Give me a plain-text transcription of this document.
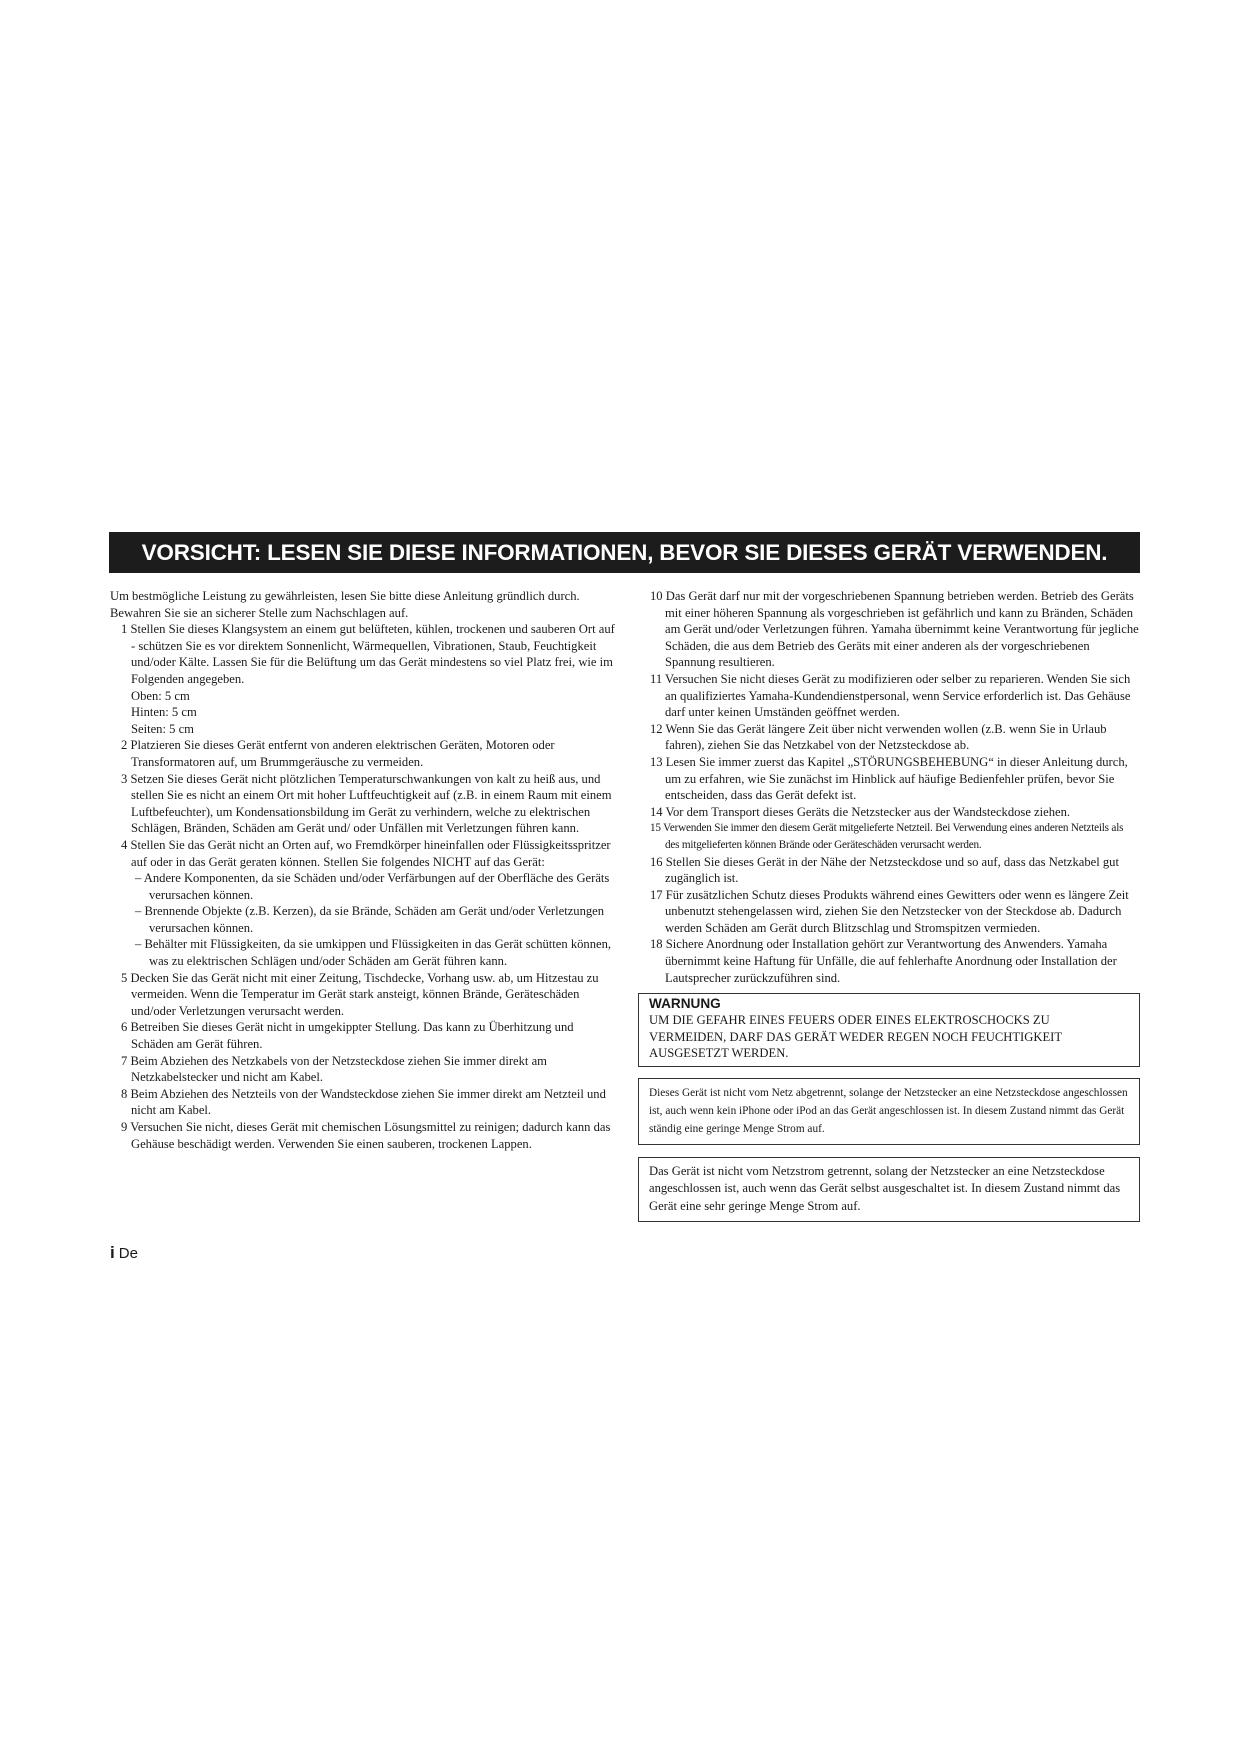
VORSICHT: LESEN SIE DIESE INFORMATIONEN, BEVOR SIE DIESES GERÄT VERWENDEN.

Um bestmögliche Leistung zu gewährleisten, lesen Sie bitte diese Anleitung gründlich durch. Bewahren Sie sie an sicherer Stelle zum Nachschlagen auf.

1 Stellen Sie dieses Klangsystem an einem gut belüfteten, kühlen, trockenen und sauberen Ort auf - schützen Sie es vor direktem Sonnenlicht, Wärmequellen, Vibrationen, Staub, Feuchtigkeit und/oder Kälte. Lassen Sie für die Belüftung um das Gerät mindestens so viel Platz frei, wie im Folgenden angegeben.

Oben: 5 cm

Hinten: 5 cm

Seiten: 5 cm

2 Platzieren Sie dieses Gerät entfernt von anderen elektrischen Geräten, Motoren oder Transformatoren auf, um Brummgeräusche zu vermeiden.

3 Setzen Sie dieses Gerät nicht plötzlichen Temperaturschwankungen von kalt zu heiß aus, und stellen Sie es nicht an einem Ort mit hoher Luftfeuchtigkeit auf (z.B. in einem Raum mit einem Luftbefeuchter), um Kondensationsbildung im Gerät zu verhindern, welche zu elektrischen Schlägen, Bränden, Schäden am Gerät und/ oder Unfällen mit Verletzungen führen kann.

4 Stellen Sie das Gerät nicht an Orten auf, wo Fremdkörper hineinfallen oder Flüssigkeitsspritzer auf oder in das Gerät geraten können. Stellen Sie folgendes NICHT auf das Gerät:

– Andere Komponenten, da sie Schäden und/oder Verfärbungen auf der Oberfläche des Geräts verursachen können.

– Brennende Objekte (z.B. Kerzen), da sie Brände, Schäden am Gerät und/oder Verletzungen verursachen können.

– Behälter mit Flüssigkeiten, da sie umkippen und Flüssigkeiten in das Gerät schütten können, was zu elektrischen Schlägen und/oder Schäden am Gerät führen kann.

5 Decken Sie das Gerät nicht mit einer Zeitung, Tischdecke, Vorhang usw. ab, um Hitzestau zu vermeiden. Wenn die Temperatur im Gerät stark ansteigt, können Brände, Geräteschäden und/oder Verletzungen verursacht werden.

6 Betreiben Sie dieses Gerät nicht in umgekippter Stellung. Das kann zu Überhitzung und Schäden am Gerät führen.

7 Beim Abziehen des Netzkabels von der Netzsteckdose ziehen Sie immer direkt am Netzkabelstecker und nicht am Kabel.

8 Beim Abziehen des Netzteils von der Wandsteckdose ziehen Sie immer direkt am Netzteil und nicht am Kabel.

9 Versuchen Sie nicht, dieses Gerät mit chemischen Lösungsmittel zu reinigen; dadurch kann das Gehäuse beschädigt werden. Verwenden Sie einen sauberen, trockenen Lappen.

10 Das Gerät darf nur mit der vorgeschriebenen Spannung betrieben werden. Betrieb des Geräts mit einer höheren Spannung als vorgeschrieben ist gefährlich und kann zu Bränden, Schäden am Gerät und/oder Verletzungen führen. Yamaha übernimmt keine Verantwortung für jegliche Schäden, die aus dem Betrieb des Geräts mit einer anderen als der vorgeschriebenen Spannung resultieren.

11 Versuchen Sie nicht dieses Gerät zu modifizieren oder selber zu reparieren. Wenden Sie sich an qualifiziertes Yamaha-Kundendienstpersonal, wenn Service erforderlich ist. Das Gehäuse darf unter keinen Umständen geöffnet werden.

12 Wenn Sie das Gerät längere Zeit über nicht verwenden wollen (z.B. wenn Sie in Urlaub fahren), ziehen Sie das Netzkabel von der Netzsteckdose ab.

13 Lesen Sie immer zuerst das Kapitel „STÖRUNGSBEHEBUNG“ in dieser Anleitung durch, um zu erfahren, wie Sie zunächst im Hinblick auf häufige Bedienfehler prüfen, bevor Sie entscheiden, dass das Gerät defekt ist.

14 Vor dem Transport dieses Geräts die Netzstecker aus der Wandsteckdose ziehen.

15 Verwenden Sie immer den diesem Gerät mitgelieferte Netzteil. Bei Verwendung eines anderen Netzteils als des mitgelieferten können Brände oder Geräteschäden verursacht werden.

16 Stellen Sie dieses Gerät in der Nähe der Netzsteckdose und so auf, dass das Netzkabel gut zugänglich ist.

17 Für zusätzlichen Schutz dieses Produkts während eines Gewitters oder wenn es längere Zeit unbenutzt stehengelassen wird, ziehen Sie den Netzstecker von der Steckdose ab. Dadurch werden Schäden am Gerät durch Blitzschlag und Stromspitzen vermieden.

18 Sichere Anordnung oder Installation gehört zur Verantwortung des Anwenders. Yamaha übernimmt keine Haftung für Unfälle, die auf fehlerhafte Anordnung oder Installation der Lautsprecher zurückzuführen sind.

WARNUNG
UM DIE GEFAHR EINES FEUERS ODER EINES ELEKTROSCHOCKS ZU VERMEIDEN, DARF DAS GERÄT WEDER REGEN NOCH FEUCHTIGKEIT AUSGESETZT WERDEN.
Dieses Gerät ist nicht vom Netz abgetrennt, solange der Netzstecker an eine Netzsteckdose angeschlossen ist, auch wenn kein iPhone oder iPod an das Gerät angeschlossen ist. In diesem Zustand nimmt das Gerät ständig eine geringe Menge Strom auf.
Das Gerät ist nicht vom Netzstrom getrennt, solang der Netzstecker an eine Netzsteckdose angeschlossen ist, auch wenn das Gerät selbst ausgeschaltet ist. In diesem Zustand nimmt das Gerät eine sehr geringe Menge Strom auf.
i De
